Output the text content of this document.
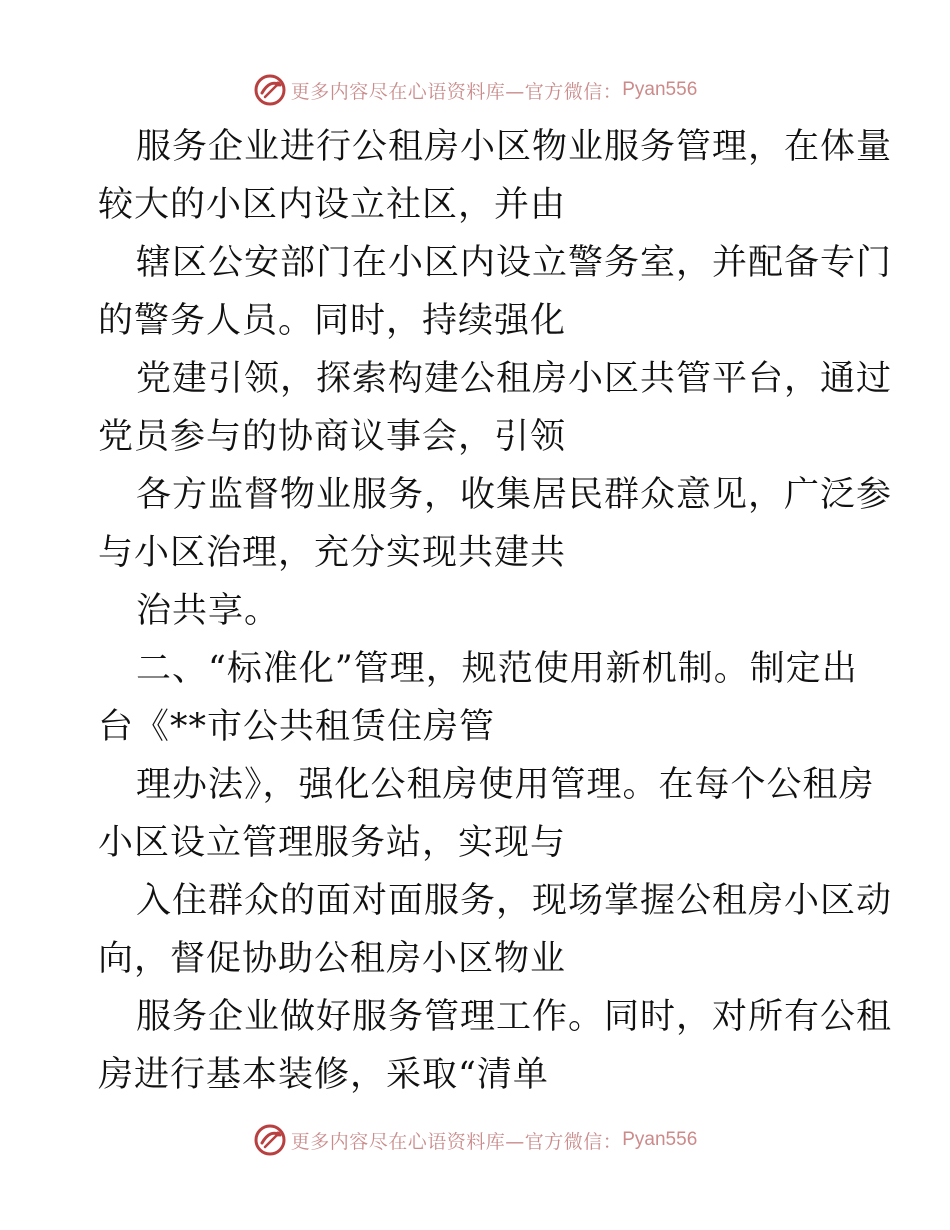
更多内容尽在心语资料库—官方微信： Pyan556
服务企业进行公租房小区物业服务管理，在体量
较大的小区内设立社区，并由
辖区公安部门在小区内设立警务室，并配备专门
的警务人员。同时，持续强化
党建引领，探索构建公租房小区共管平台，通过
党员参与的协商议事会，引领
各方监督物业服务，收集居民群众意见，广泛参
与小区治理，充分实现共建共
治共享。
二、“标准化”管理，规范使用新机制。制定出
台《**市公共租赁住房管
理办法》，强化公租房使用管理。在每个公租房
小区设立管理服务站，实现与
入住群众的面对面服务，现场掌握公租房小区动
向，督促协助公租房小区物业
服务企业做好服务管理工作。同时，对所有公租
房进行基本装修，采取“清单
更多内容尽在心语资料库—官方微信： Pyan556
